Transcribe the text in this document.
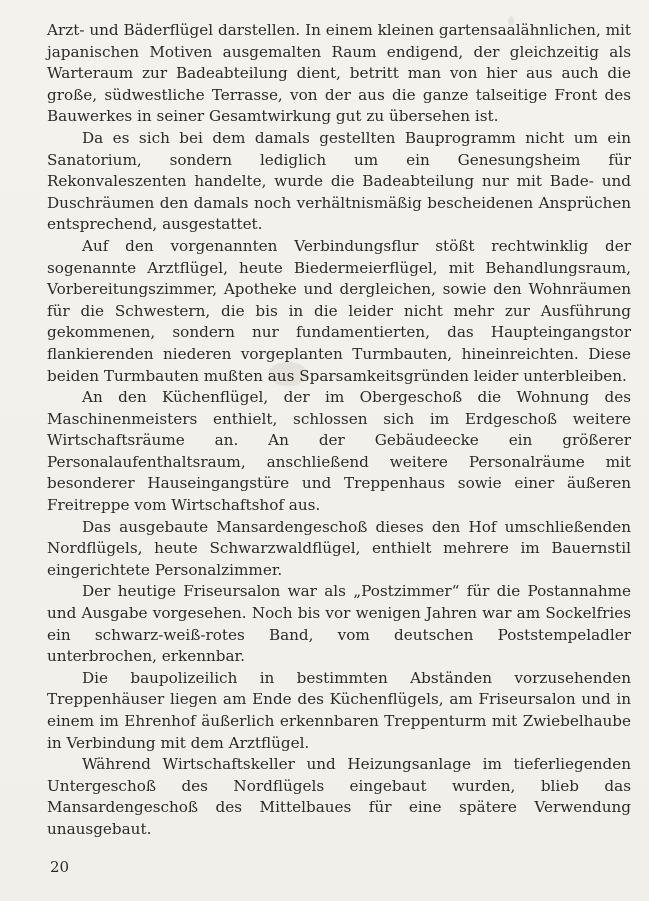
Arzt- und Bäderflügel darstellen. In einem kleinen gartensaalähnlichen, mit japanischen Motiven ausgemalten Raum endigend, der gleichzeitig als Warteraum zur Badeabteilung dient, betritt man von hier aus auch die große, südwestliche Terrasse, von der aus die ganze talseitige Front des Bauwerkes in seiner Gesamtwirkung gut zu übersehen ist.

Da es sich bei dem damals gestellten Bauprogramm nicht um ein Sanatorium, sondern lediglich um ein Genesungsheim für Rekonvaleszenten handelte, wurde die Badeabteilung nur mit Bade- und Duschräumen den damals noch verhältnismäßig bescheidenen Ansprüchen entsprechend, ausgestattet.

Auf den vorgenannten Verbindungsflur stößt rechtwinklig der sogenannte Arztflügel, heute Biedermeierflügel, mit Behandlungsraum, Vorbereitungszimmer, Apotheke und dergleichen, sowie den Wohnräumen für die Schwestern, die bis in die leider nicht mehr zur Ausführung gekommenen, sondern nur fundamentierten, das Haupteingangstor flankierenden niederen vorgeplanten Turmbauten, hineinreichten. Diese beiden Turmbauten mußten aus Sparsamkeitsgründen leider unterbleiben.

An den Küchenflügel, der im Obergeschoß die Wohnung des Maschinenmeisters enthielt, schlossen sich im Erdgeschoß weitere Wirtschaftsräume an. An der Gebäudeecke ein größerer Personalaufenthaltsraum, anschließend weitere Personalräume mit besonderer Hauseingangstüre und Treppenhaus sowie einer äußeren Freitreppe vom Wirtschaftshof aus.

Das ausgebaute Mansardengeschoß dieses den Hof umschließenden Nordflügels, heute Schwarzwaldflügel, enthielt mehrere im Bauernstil eingerichtete Personalzimmer.

Der heutige Friseursalon war als „Postzimmer“ für die Postannahme und Ausgabe vorgesehen. Noch bis vor wenigen Jahren war am Sockelfries ein schwarz-weiß-rotes Band, vom deutschen Poststempeladler unterbrochen, erkennbar.

Die baupolizeilich in bestimmten Abständen vorzusehenden Treppenhäuser liegen am Ende des Küchenflügels, am Friseursalon und in einem im Ehrenhof äußerlich erkennbaren Treppenturm mit Zwiebelhaube in Verbindung mit dem Arztflügel.

Während Wirtschaftskeller und Heizungsanlage im tieferliegenden Untergeschoß des Nordflügels eingebaut wurden, blieb das Mansardengeschoß des Mittelbaues für eine spätere Verwendung unausgebaut.

20
